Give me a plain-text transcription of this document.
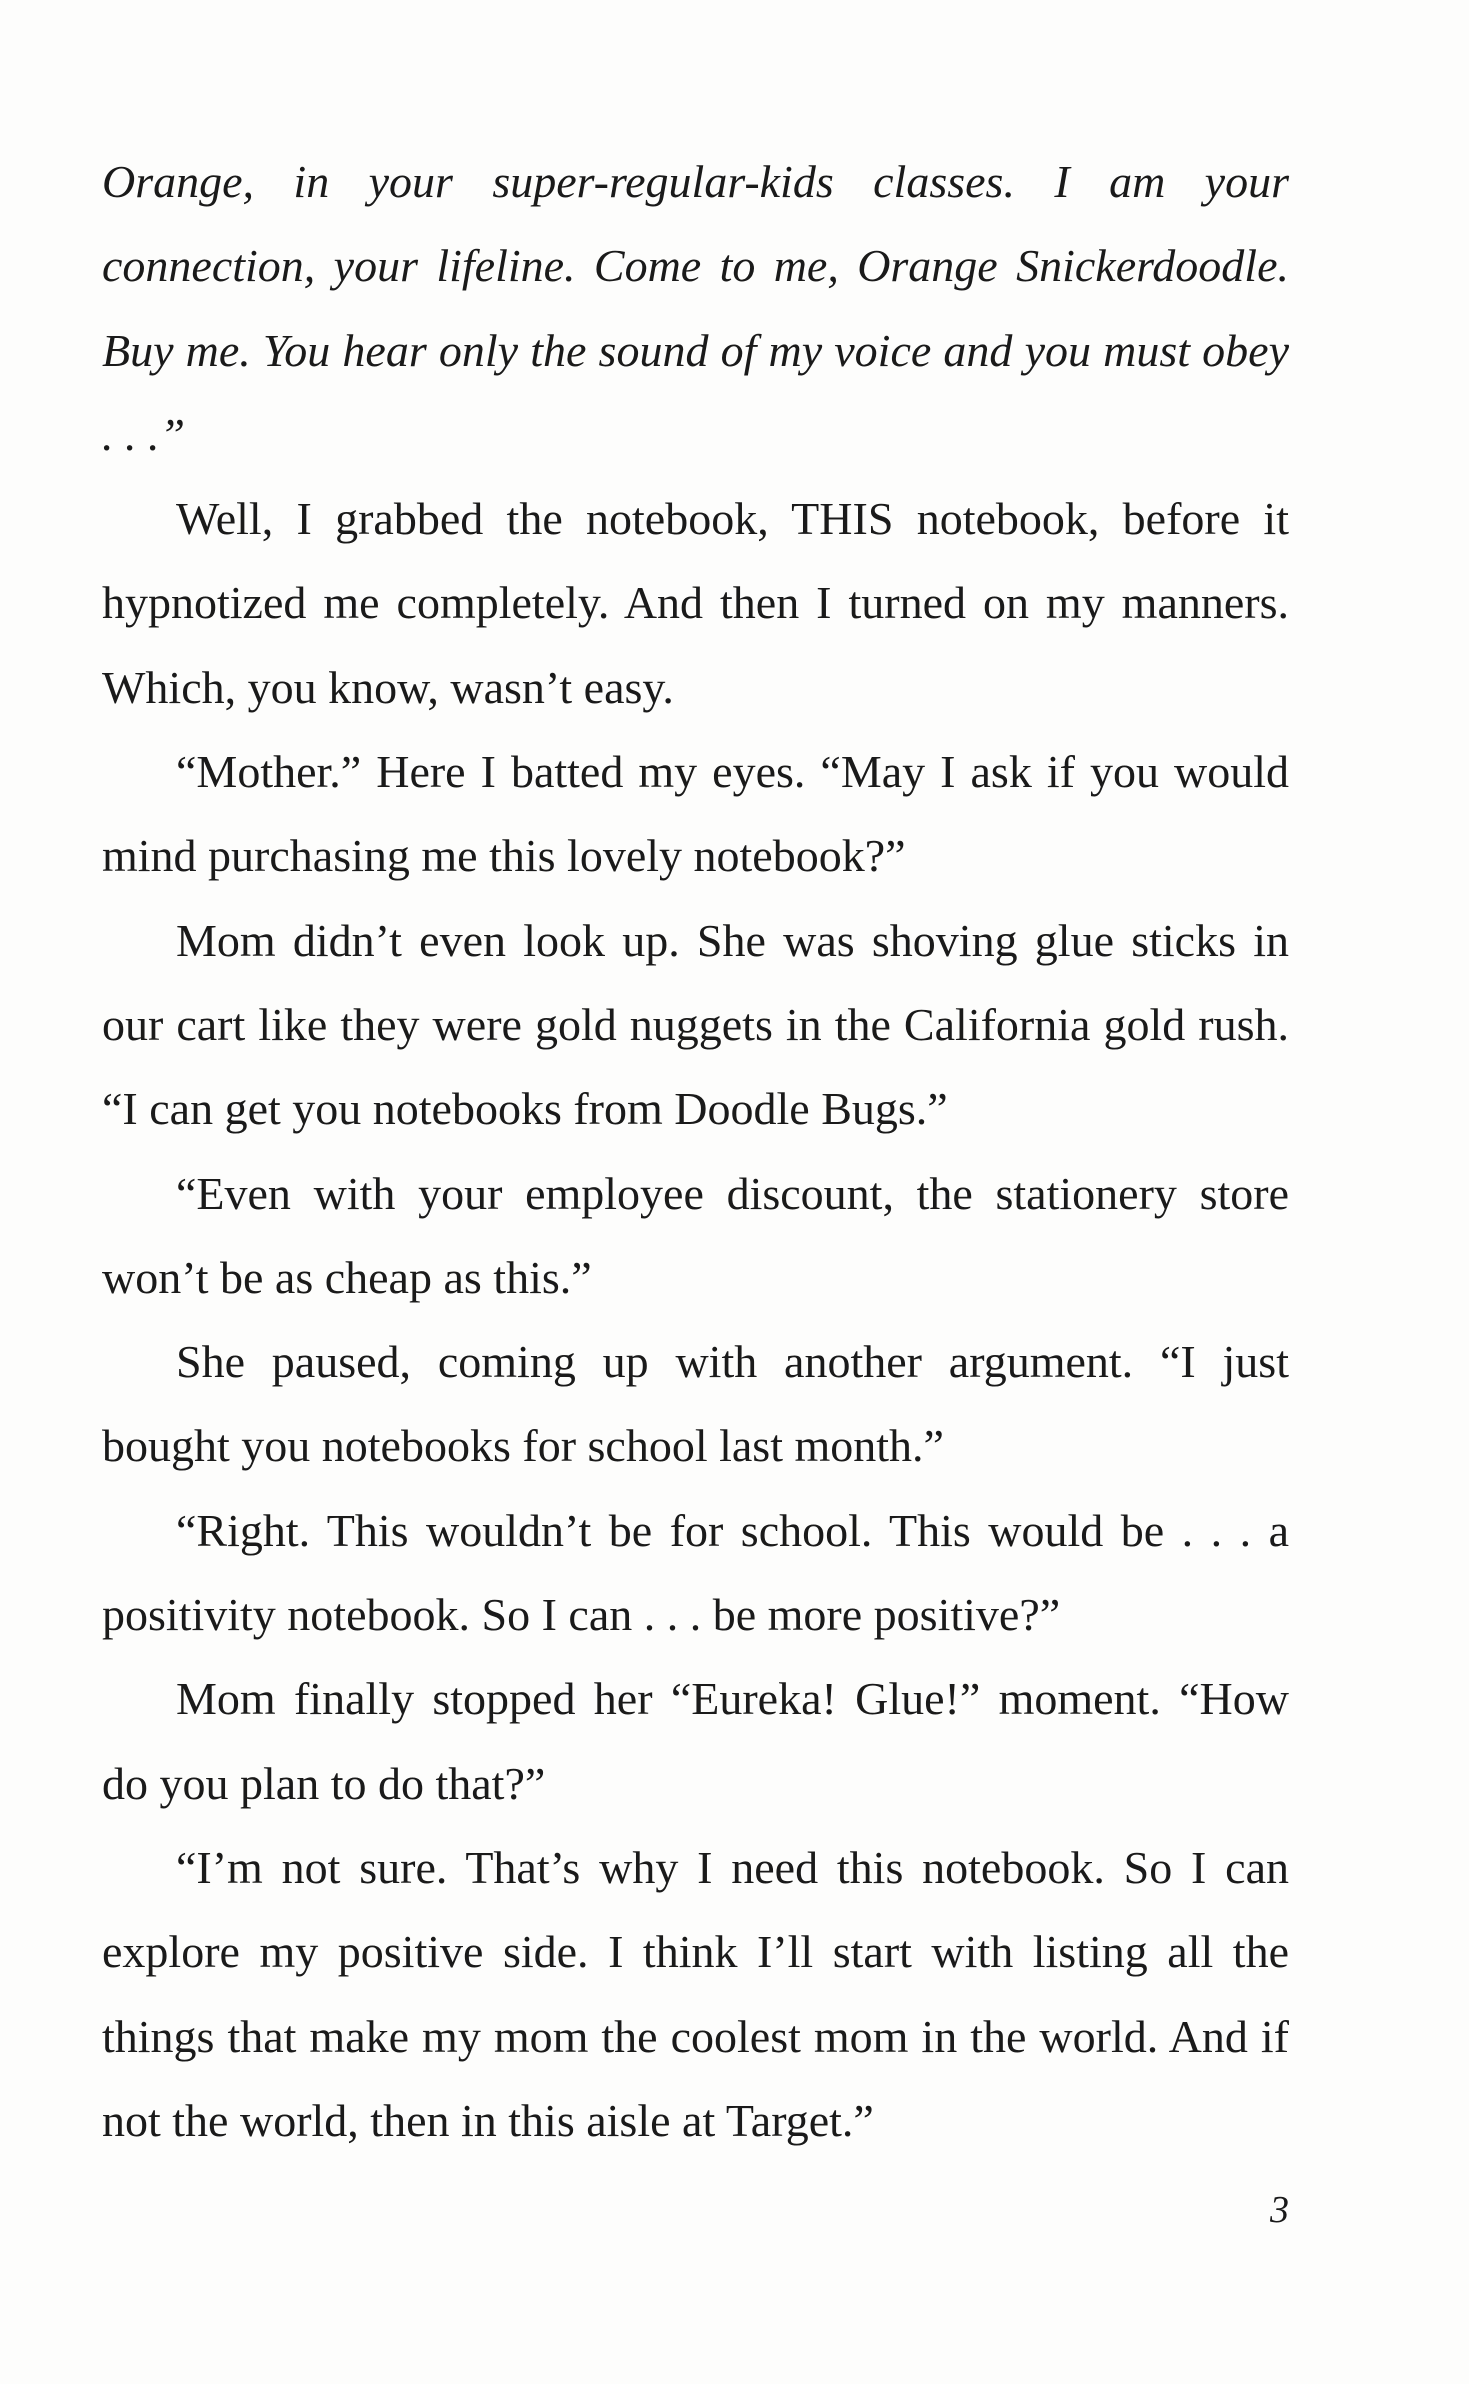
Orange, in your super-regular-kids classes. I am your connection, your lifeline. Come to me, Orange Snickerdoodle. Buy me. You hear only the sound of my voice and you must obey . . .”

Well, I grabbed the notebook, THIS notebook, before it hypnotized me completely. And then I turned on my manners. Which, you know, wasn’t easy.

“Mother.” Here I batted my eyes. “May I ask if you would mind purchasing me this lovely notebook?”

Mom didn’t even look up. She was shoving glue sticks in our cart like they were gold nuggets in the California gold rush. “I can get you notebooks from Doodle Bugs.”

“Even with your employee discount, the stationery store won’t be as cheap as this.”

She paused, coming up with another argument. “I just bought you notebooks for school last month.”

“Right. This wouldn’t be for school. This would be . . . a positivity notebook. So I can . . . be more positive?”

Mom finally stopped her “Eureka! Glue!” moment. “How do you plan to do that?”

“I’m not sure. That’s why I need this notebook. So I can explore my positive side. I think I’ll start with listing all the things that make my mom the coolest mom in the world. And if not the world, then in this aisle at Target.”

3
